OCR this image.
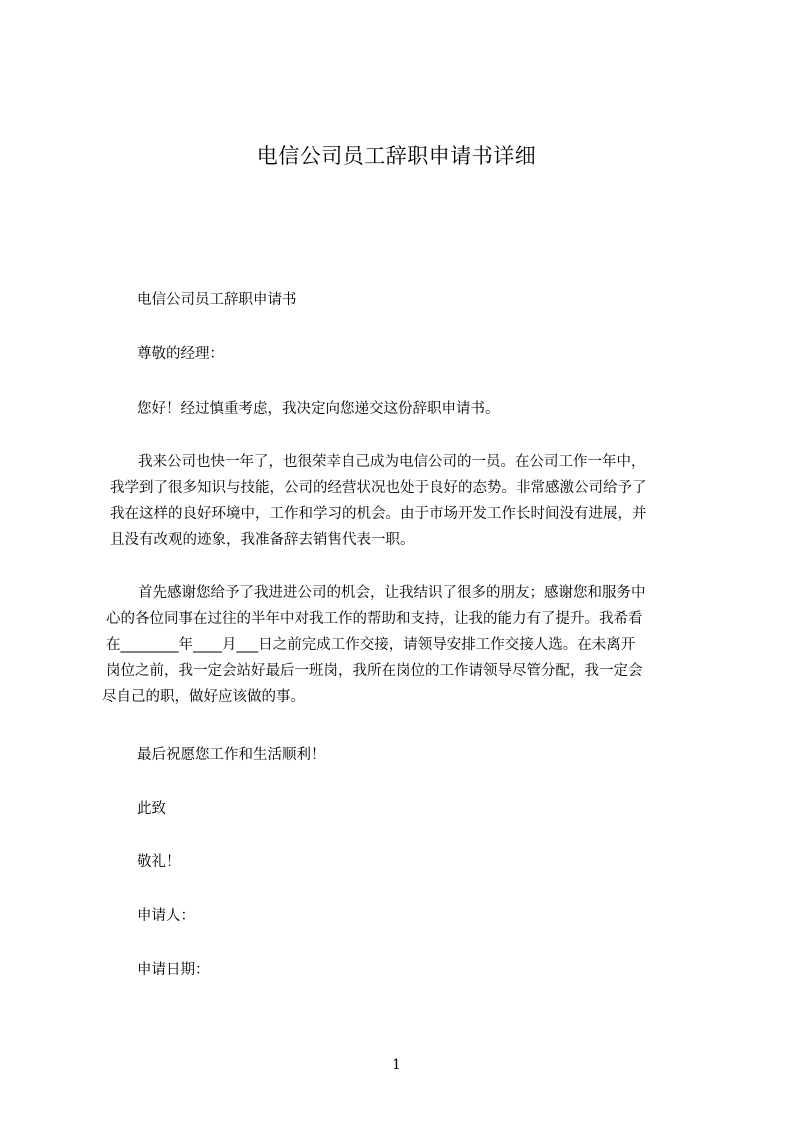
电信公司员工辞职申请书详细
电信公司员工辞职申请书
尊敬的经理：
您好！经过慎重考虑，我决定向您递交这份辞职申请书。
我来公司也快一年了，也很荣幸自己成为电信公司的一员。在公司工作一年中，
我学到了很多知识与技能，公司的经营状况也处于良好的态势。非常感激公司给予了
我在这样的良好环境中，工作和学习的机会。由于市场开发工作长时间没有进展，并
且没有改观的迹象，我准备辞去销售代表一职。
首先感谢您给予了我进进公司的机会，让我结识了很多的朋友；感谢您和服务中
心的各位同事在过往的半年中对我工作的帮助和支持，让我的能力有了提升。我希看
在________年____月___日之前完成工作交接，请领导安排工作交接人选。在未离开
岗位之前，我一定会站好最后一班岗，我所在岗位的工作请领导尽管分配，我一定会
尽自己的职，做好应该做的事。
最后祝愿您工作和生活顺利！
此致
敬礼！
申请人：
申请日期：
1
